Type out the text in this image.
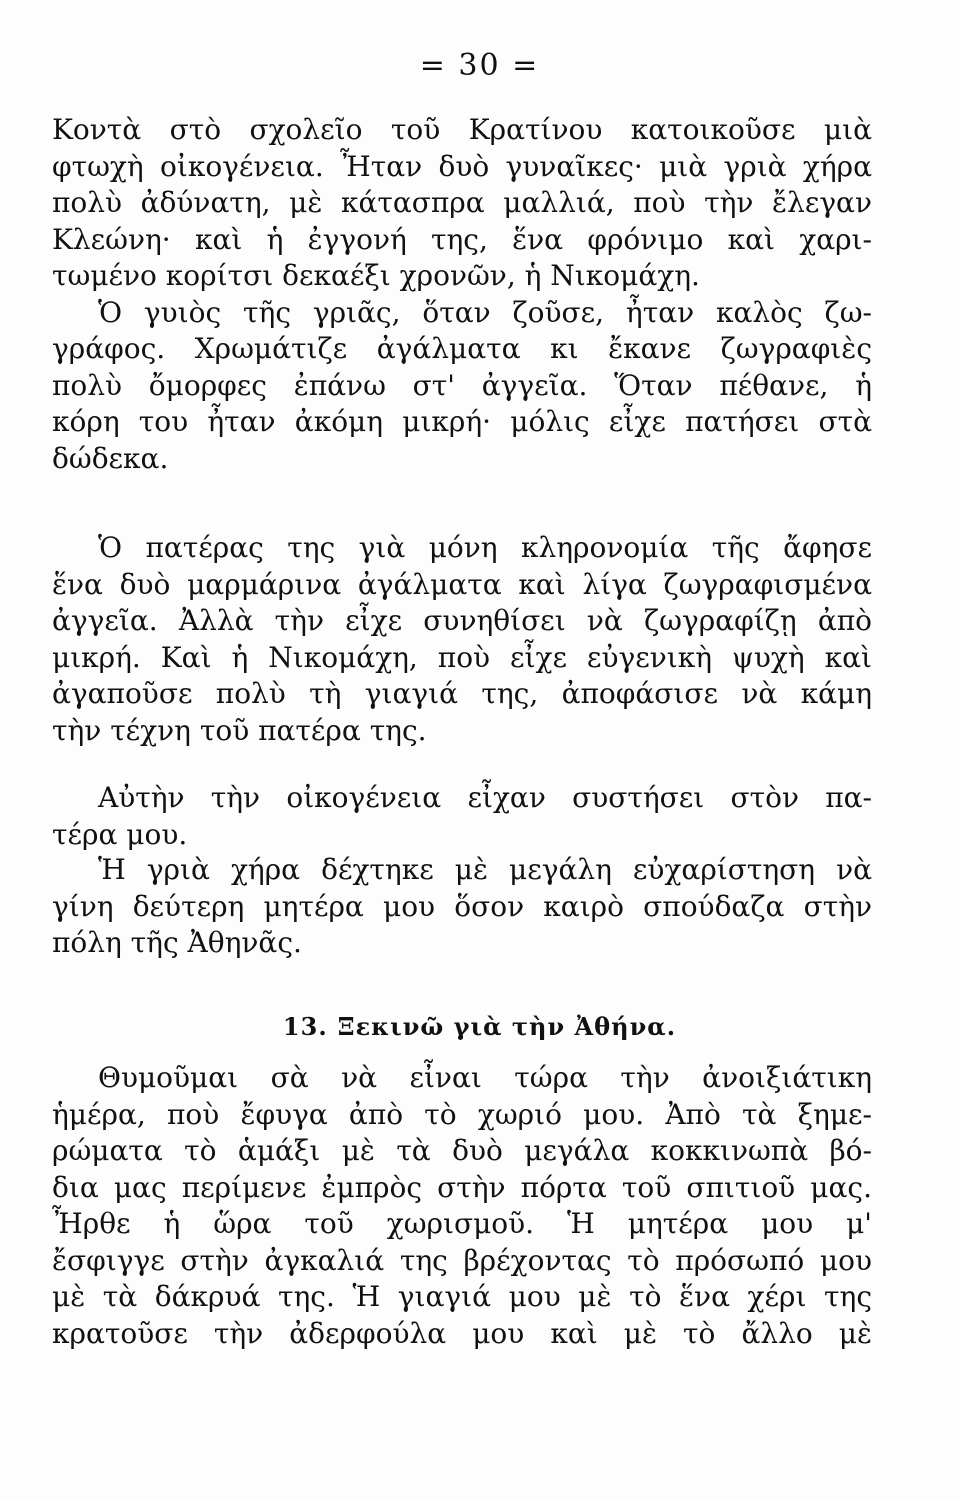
= 30 =
Κοντὰ στὸ σχολεῖο τοῦ Κρατίνου κατοικοῦσε μιὰ
φτωχὴ οἰκογένεια. Ἦταν δυὸ γυναῖκες· μιὰ γριὰ χήρα
πολὺ ἀδύνατη, μὲ κάτασπρα μαλλιά, ποὺ τὴν ἔλεγαν
Κλεώνη· καὶ ἡ ἐγγονή της, ἕνα φρόνιμο καὶ χαρι-
τωμένο κορίτσι δεκαέξι χρονῶν, ἡ Νικομάχη.
Ὁ γυιὸς τῆς γριᾶς, ὅταν ζοῦσε, ἦταν καλὸς ζω-
γράφος. Χρωμάτιζε ἀγάλματα κι ἔκανε ζωγραφιὲς
πολὺ ὄμορφες ἐπάνω στ' ἀγγεῖα. Ὅταν πέθανε, ἡ
κόρη του ἦταν ἀκόμη μικρή· μόλις εἶχε πατήσει στὰ
δώδεκα.
Ὁ πατέρας της γιὰ μόνη κληρονομία τῆς ἄφησε
ἕνα δυὸ μαρμάρινα ἀγάλματα καὶ λίγα ζωγραφισμένα
ἀγγεῖα. Ἀλλὰ τὴν εἶχε συνηθίσει νὰ ζωγραφίζῃ ἀπὸ
μικρή. Καὶ ἡ Νικομάχη, ποὺ εἶχε εὐγενικὴ ψυχὴ καὶ
ἀγαποῦσε πολὺ τὴ γιαγιά της, ἀποφάσισε νὰ κάμη
τὴν τέχνη τοῦ πατέρα της.
Αὐτὴν τὴν οἰκογένεια εἶχαν συστήσει στὸν πα-
τέρα μου.
Ἡ γριὰ χήρα δέχτηκε μὲ μεγάλη εὐχαρίστηση νὰ
γίνη δεύτερη μητέρα μου ὅσον καιρὸ σπούδαζα στὴν
πόλη τῆς Ἀθηνᾶς.
13. Ξεκινῶ γιὰ τὴν Ἀθήνα.
Θυμοῦμαι σὰ νὰ εἶναι τώρα τὴν ἀνοιξιάτικη
ἡμέρα, ποὺ ἔφυγα ἀπὸ τὸ χωριό μου. Ἀπὸ τὰ ξημε-
ρώματα τὸ ἁμάξι μὲ τὰ δυὸ μεγάλα κοκκινωπὰ βό-
δια μας περίμενε ἐμπρὸς στὴν πόρτα τοῦ σπιτιοῦ μας.
Ἦρθε ἡ ὥρα τοῦ χωρισμοῦ. Ἡ μητέρα μου μ'
ἔσφιγγε στὴν ἀγκαλιά της βρέχοντας τὸ πρόσωπό μου
μὲ τὰ δάκρυά της. Ἡ γιαγιά μου μὲ τὸ ἕνα χέρι της
κρατοῦσε τὴν ἀδερφούλα μου καὶ μὲ τὸ ἄλλο μὲ
